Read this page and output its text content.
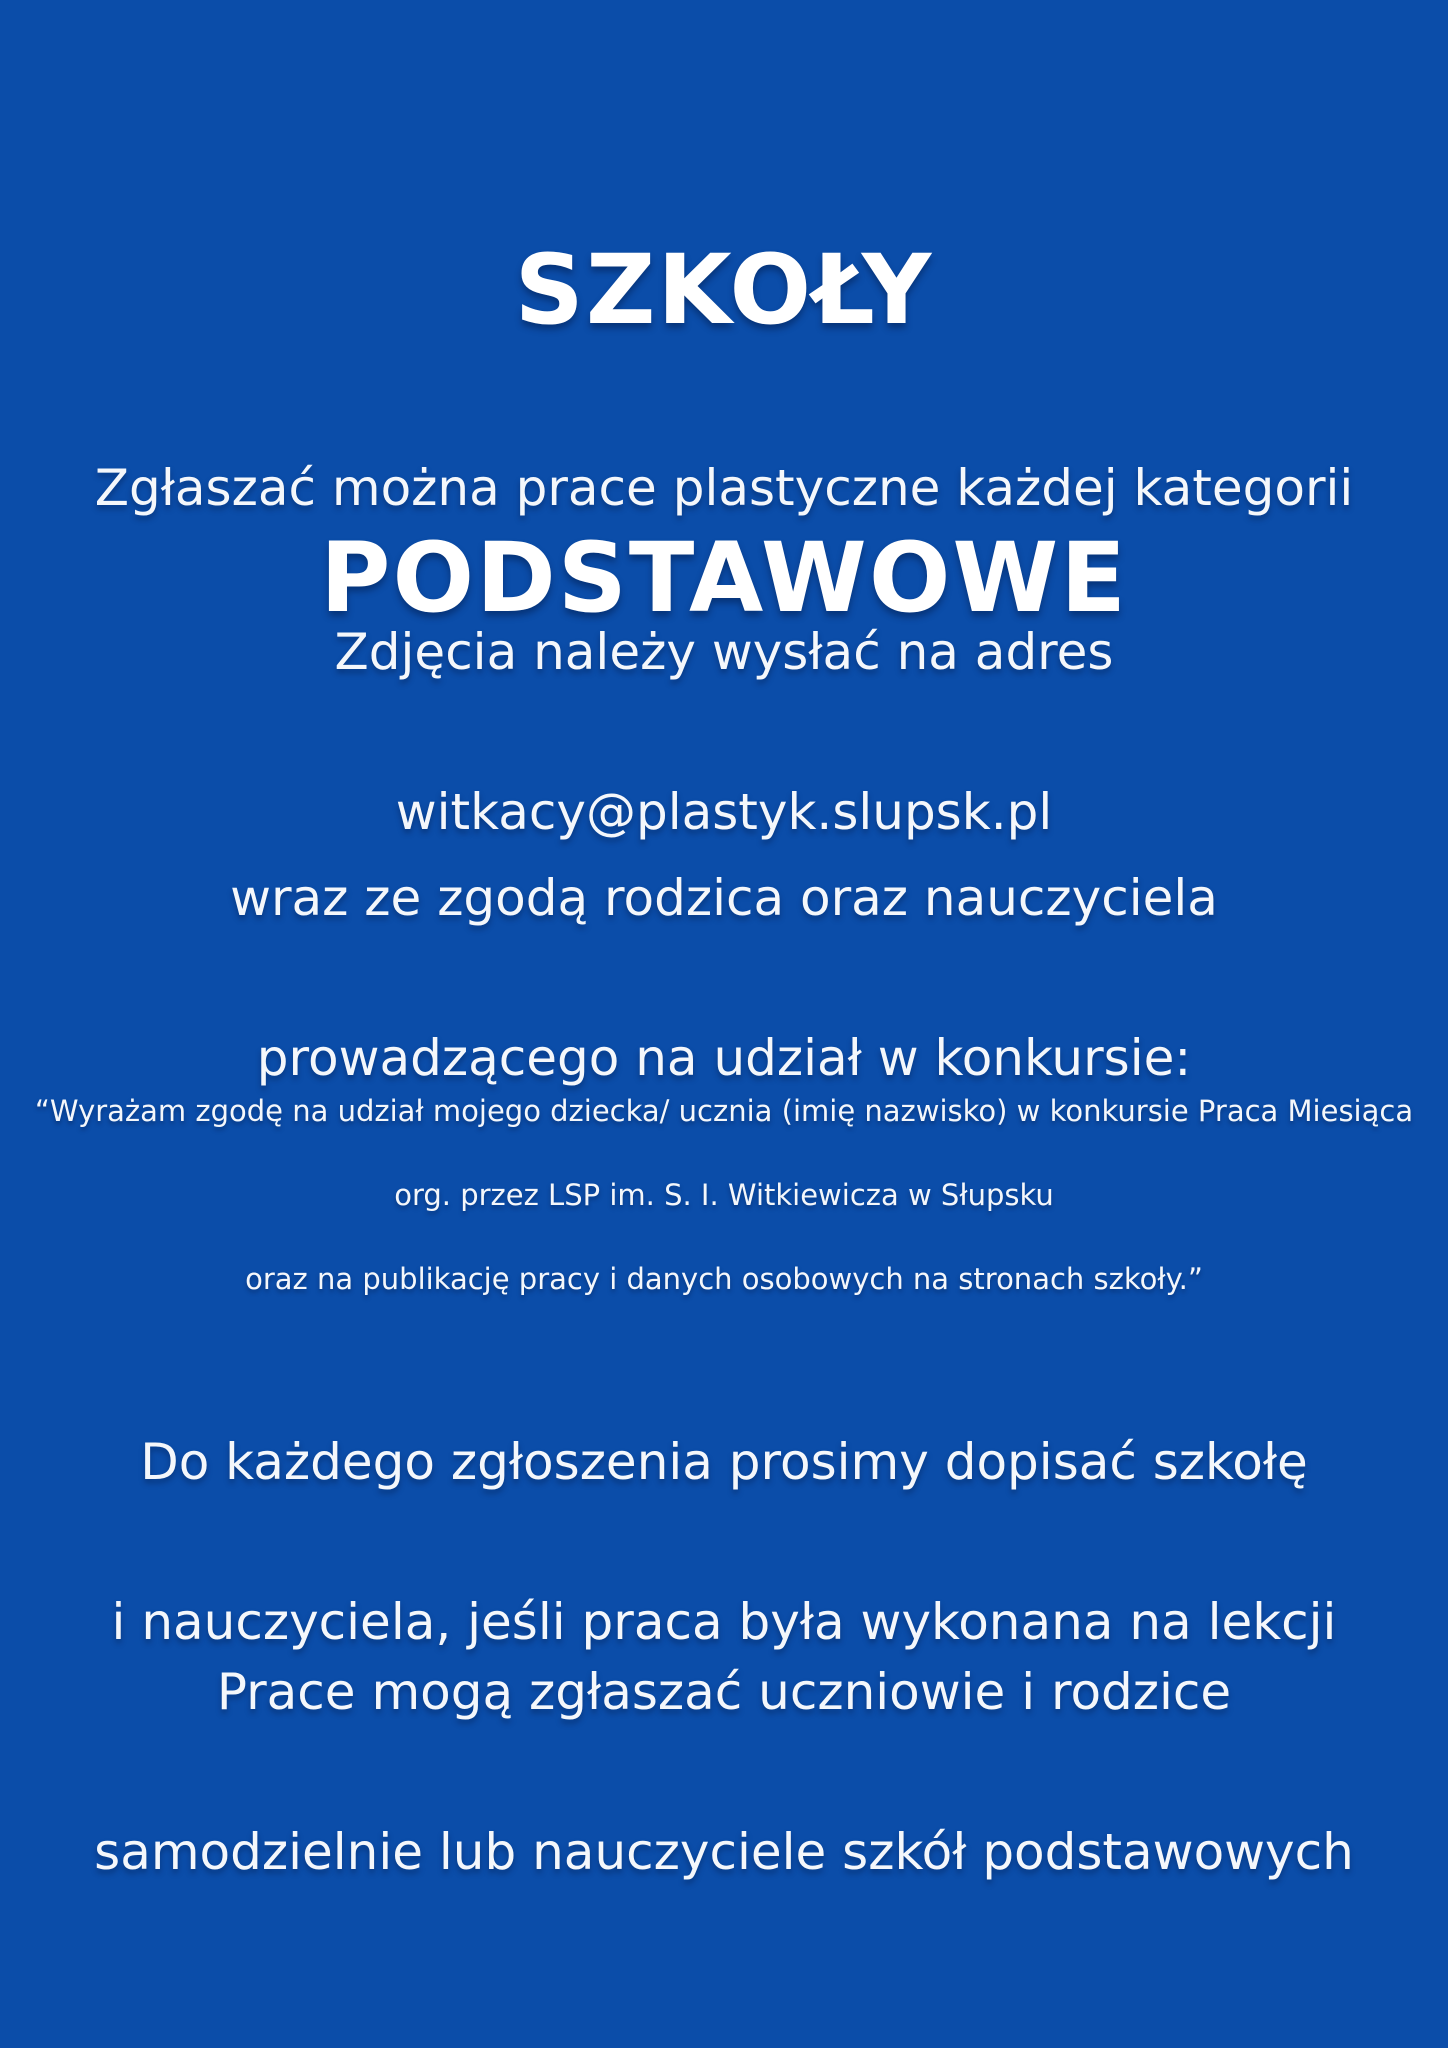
SZKOŁY

PODSTAWOWE

Zgłaszać można prace plastyczne każdej kategorii

Zdjęcia należy wysłać na adres

witkacy@plastyk.slupsk.pl

wraz ze zgodą rodzica oraz nauczyciela

prowadzącego na udział w konkursie:

“Wyrażam zgodę na udział mojego dziecka/ ucznia (imię nazwisko) w konkursie Praca Miesiąca

org. przez LSP im. S. I. Witkiewicza w Słupsku

oraz na publikację pracy i danych osobowych na stronach szkoły.”

Do każdego zgłoszenia prosimy dopisać szkołę

i nauczyciela, jeśli praca była wykonana na lekcji

Prace mogą zgłaszać uczniowie i rodzice

samodzielnie lub nauczyciele szkół podstawowych
